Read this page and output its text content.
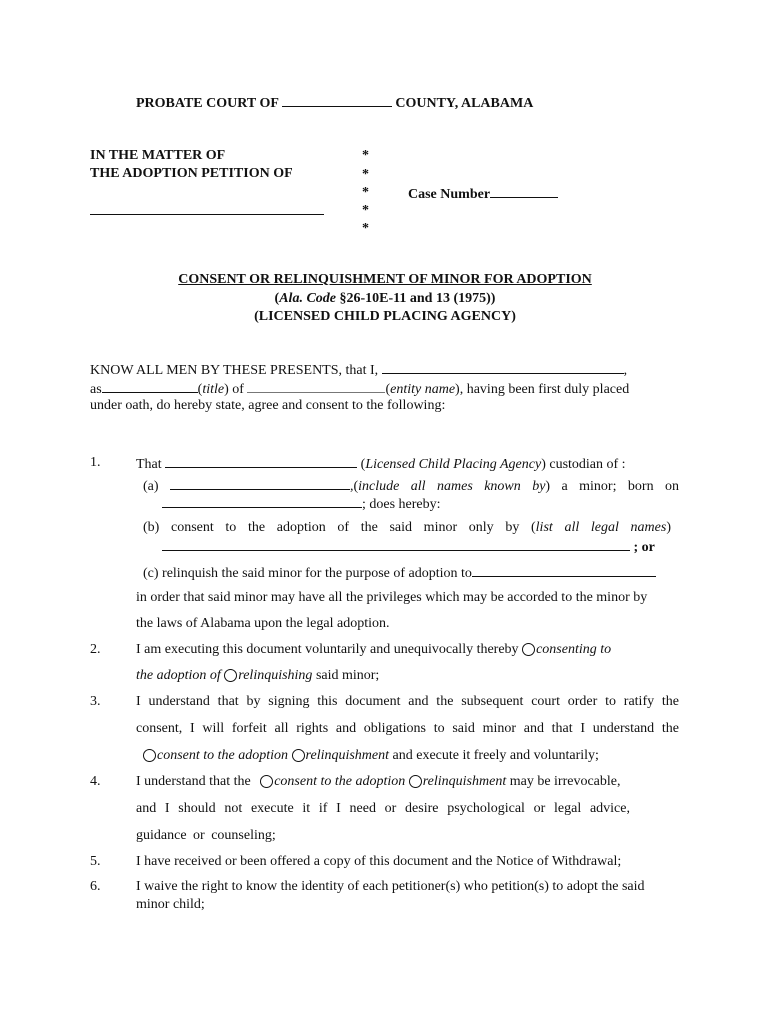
PROBATE COURT OF	COUNTY, ALABAMA
IN THE MATTER OF
THE ADOPTION PETITION OF
*
*
*
*
*
Case Number
CONSENT OR RELINQUISHMENT OF MINOR FOR ADOPTION
(Ala. Code §26-10E-11 and 13 (1975))
(LICENSED CHILD PLACING AGENCY)
KNOW ALL MEN BY THESE PRESENTS, that I,	,
as	(title) of	(entity name), having been first duly placed
under oath, do hereby state, agree and consent to the following:
1.	That	(Licensed Child Placing Agency) custodian of :
(a)	,(include all names known by) a minor; born on
; does hereby:
(b) consent to the adoption of the said minor only by (list all legal names)
; or
(c) relinquish the said minor for the purpose of adoption to
in order that said minor may have all the privileges which may be accorded to the minor by
the laws of Alabama upon the legal adoption.
2.	I am executing this document voluntarily and unequivocally thereby consenting to
the adoption of relinquishing said minor;
3.	I understand that by signing this document and the subsequent court order to ratify the
consent, I will forfeit all rights and obligations to said minor and that I understand the
consent to the adoption relinquishment and execute it freely and voluntarily;
4.	I understand that the consent to the adoption relinquishment may be irrevocable,
and I should not execute it if I need or desire psychological or legal advice,
guidance or counseling;
5.	I have received or been offered a copy of this document and the Notice of Withdrawal;
6.	I waive the right to know the identity of each petitioner(s) who petition(s) to adopt the said
minor child;
